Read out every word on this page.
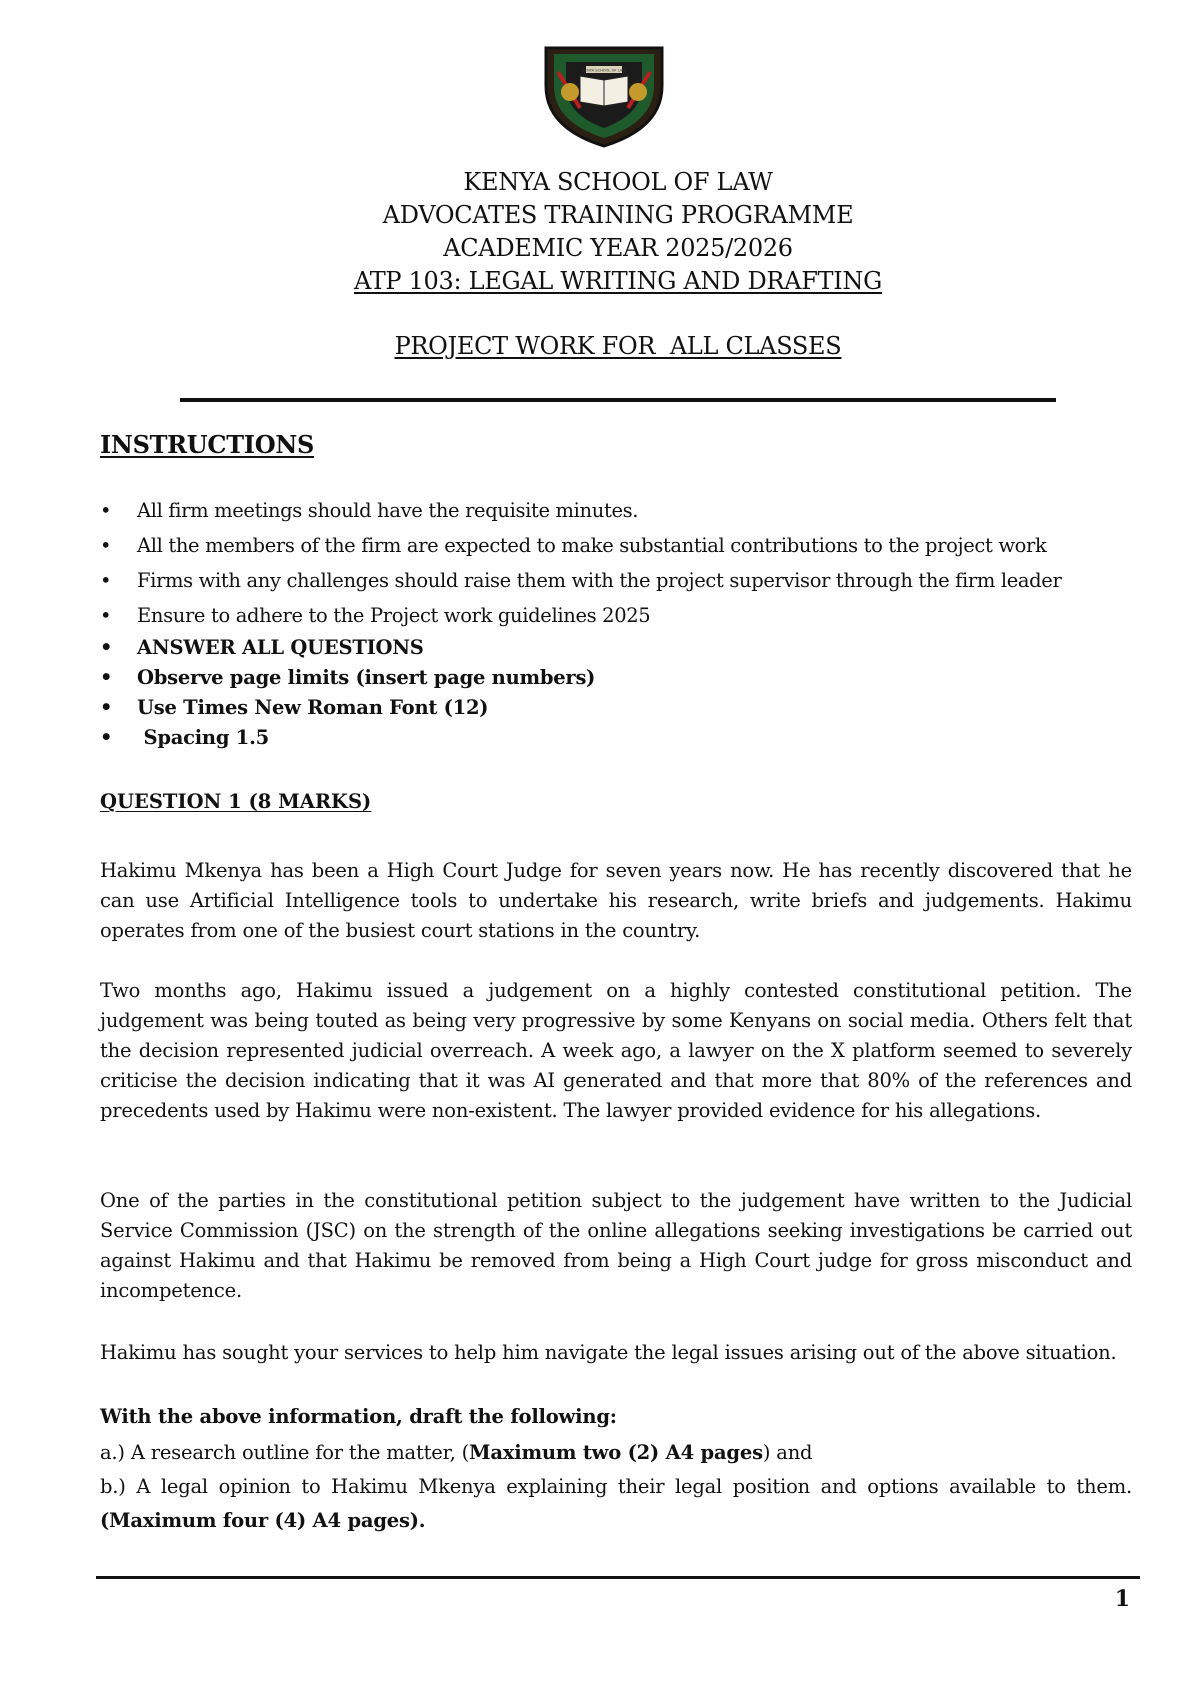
KENYA SCHOOL OF LAW
KENYA SCHOOL OF LAW
ADVOCATES TRAINING PROGRAMME
ACADEMIC YEAR 2025/2026
ATP 103: LEGAL WRITING AND DRAFTING
PROJECT WORK FOR  ALL CLASSES
INSTRUCTIONS
•	All firm meetings should have the requisite minutes.
•	All the members of the firm are expected to make substantial contributions to the project work
•	Firms with any challenges should raise them with the project supervisor through the firm leader
•	Ensure to adhere to the Project work guidelines 2025
•	ANSWER ALL QUESTIONS
•	Observe page limits (insert page numbers)
•	Use Times New Roman Font (12)
•	Spacing 1.5
QUESTION 1 (8 MARKS)

Hakimu Mkenya has been a High Court Judge for seven years now. He has recently discovered that he can use Artificial Intelligence tools to undertake his research, write briefs and judgements. Hakimu operates from one of the busiest court stations in the country.

Two months ago, Hakimu issued a judgement on a highly contested constitutional petition. The judgement was being touted as being very progressive by some Kenyans on social media. Others felt that the decision represented judicial overreach. A week ago, a lawyer on the X platform seemed to severely criticise the decision indicating that it was AI generated and that more that 80% of the references and precedents used by Hakimu were non-existent. The lawyer provided evidence for his allegations.

One of the parties in the constitutional petition subject to the judgement have written to the Judicial Service Commission (JSC) on the strength of the online allegations seeking investigations be carried out against Hakimu and that Hakimu be removed from being a High Court judge for gross misconduct and incompetence.

Hakimu has sought your services to help him navigate the legal issues arising out of the above situation.

With the above information, draft the following:

a.) A research outline for the matter, (Maximum two (2) A4 pages) and
b.) A legal opinion to Hakimu Mkenya explaining their legal position and options available to them. (Maximum four (4) A4 pages).
1
